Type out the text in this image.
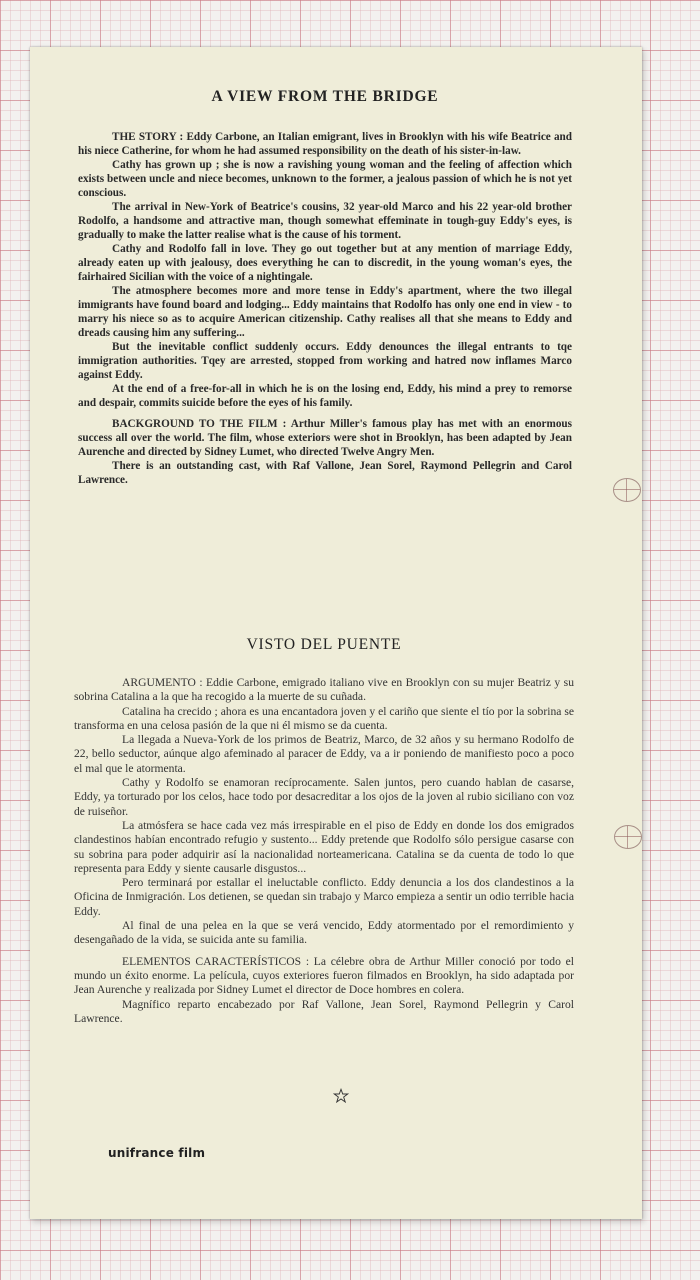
A VIEW FROM THE BRIDGE

THE STORY : Eddy Carbone, an Italian emigrant, lives in Brooklyn with his wife Beatrice and his niece Catherine, for whom he had assumed responsibility on the death of his sister-in-law.

Cathy has grown up ; she is now a ravishing young woman and the feeling of affection which exists between uncle and niece becomes, unknown to the former, a jealous passion of which he is not yet conscious.

The arrival in New-York of Beatrice's cousins, 32 year-old Marco and his 22 year-old brother Rodolfo, a handsome and attractive man, though somewhat effeminate in tough-guy Eddy's eyes, is gradually to make the latter realise what is the cause of his torment.

Cathy and Rodolfo fall in love. They go out together but at any mention of marriage Eddy, already eaten up with jealousy, does everything he can to discredit, in the young woman's eyes, the fairhaired Sicilian with the voice of a nightingale.

The atmosphere becomes more and more tense in Eddy's apartment, where the two illegal immigrants have found board and lodging... Eddy maintains that Rodolfo has only one end in view - to marry his niece so as to acquire American citizenship. Cathy realises all that she means to Eddy and dreads causing him any suffering...

But the inevitable conflict suddenly occurs. Eddy denounces the illegal entrants to tqe immigration authorities. Tqey are arrested, stopped from working and hatred now inflames Marco against Eddy.

At the end of a free-for-all in which he is on the losing end, Eddy, his mind a prey to remorse and despair, commits suicide before the eyes of his family.

BACKGROUND TO THE FILM : Arthur Miller's famous play has met with an enormous success all over the world. The film, whose exteriors were shot in Brooklyn, has been adapted by Jean Aurenche and directed by Sidney Lumet, who directed Twelve Angry Men.

There is an outstanding cast, with Raf Vallone, Jean Sorel, Raymond Pellegrin and Carol Lawrence.

VISTO DEL PUENTE

ARGUMENTO : Eddie Carbone, emigrado italiano vive en Brooklyn con su mujer Beatriz y su sobrina Catalina a la que ha recogido a la muerte de su cuñada.

Catalina ha crecido ; ahora es una encantadora joven y el cariño que siente el tío por la sobrina se transforma en una celosa pasión de la que ni él mismo se da cuenta.

La llegada a Nueva-York de los primos de Beatriz, Marco, de 32 años y su hermano Rodolfo de 22, bello seductor, aúnque algo afeminado al paracer de Eddy, va a ir poniendo de manifiesto poco a poco el mal que le atormenta.

Cathy y Rodolfo se enamoran recíprocamente. Salen juntos, pero cuando hablan de casarse, Eddy, ya torturado por los celos, hace todo por desacreditar a los ojos de la joven al rubio siciliano con voz de ruiseñor.

La atmósfera se hace cada vez más irrespirable en el piso de Eddy en donde los dos emigrados clandestinos habían encontrado refugio y sustento... Eddy pretende que Rodolfo sólo persigue casarse con su sobrina para poder adquirir así la nacionalidad norteamericana. Catalina se da cuenta de todo lo que representa para Eddy y siente causarle disgustos...

Pero terminará por estallar el ineluctable conflicto. Eddy denuncia a los dos clandestinos a la Oficina de Inmigración. Los detienen, se quedan sin trabajo y Marco empieza a sentir un odio terrible hacia Eddy.

Al final de una pelea en la que se verá vencido, Eddy atormentado por el remordimiento y desengañado de la vida, se suicida ante su familia.

ELEMENTOS CARACTERÍSTICOS : La célebre obra de Arthur Miller conoció por todo el mundo un éxito enorme. La película, cuyos exteriores fueron filmados en Brooklyn, ha sido adaptada por Jean Aurenche y realizada por Sidney Lumet el director de Doce hombres en colera.

Magnífico reparto encabezado por Raf Vallone, Jean Sorel, Raymond Pellegrin y Carol Lawrence.

unifrance film
